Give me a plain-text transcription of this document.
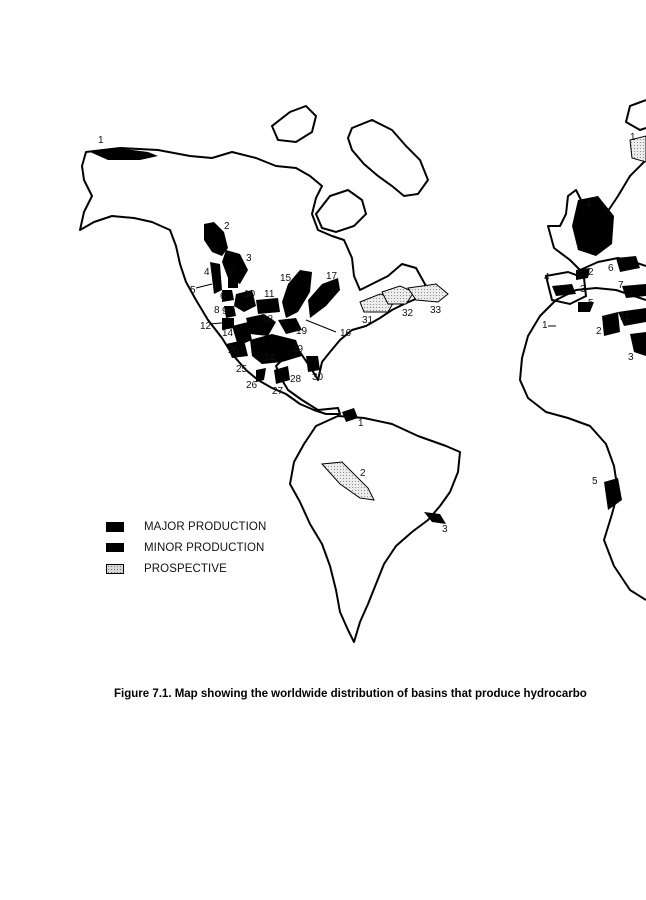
1
2
3
4
5
6
7
8 9
10 11
12
14
15
16
17
18
19
20
24
25
26
27
28
29
30
31
32 33
1
2
3
1
1
2
3
4
5
6
7
11
2
1
3
5
MAJOR PRODUCTION
MINOR PRODUCTION
PROSPECTIVE
Figure 7.1. Map showing the worldwide distribution of basins that produce hydrocarbo
